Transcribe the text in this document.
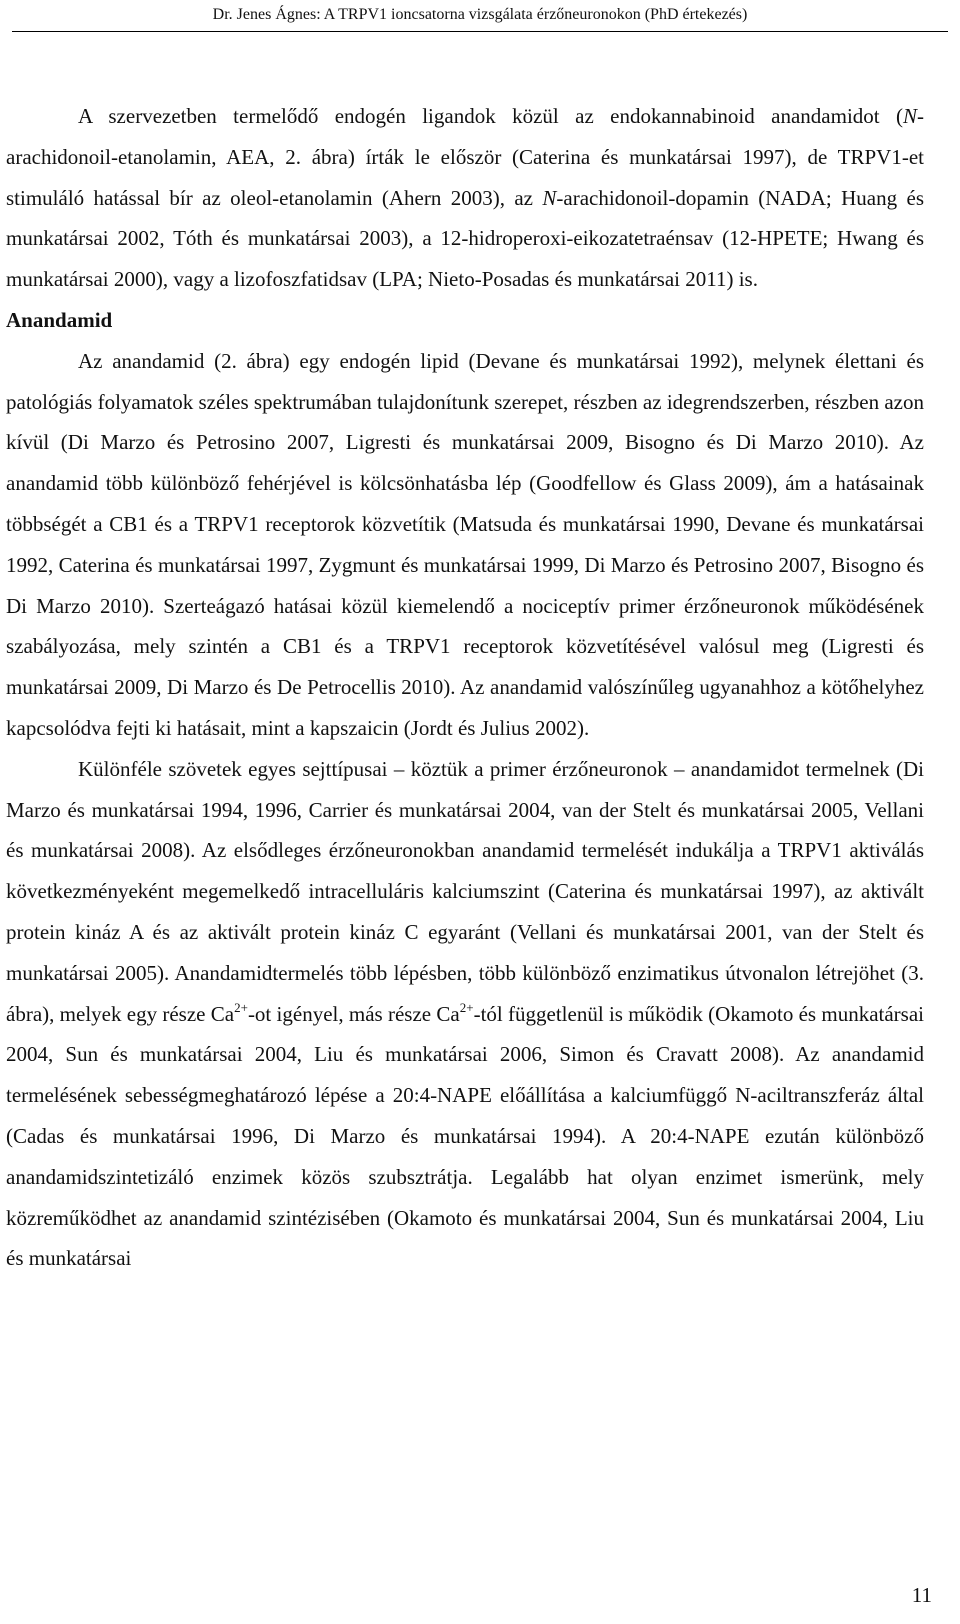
Dr. Jenes Ágnes: A TRPV1 ioncsatorna vizsgálata érzőneuronokon (PhD értekezés)

A szervezetben termelődő endogén ligandok közül az endokannabinoid anandamidot (N-arachidonoil-etanolamin, AEA, 2. ábra) írták le először (Caterina és munkatársai 1997), de TRPV1-et stimuláló hatással bír az oleol-etanolamin (Ahern 2003), az N-arachidonoil-dopamin (NADA; Huang és munkatársai 2002, Tóth és munkatársai 2003), a 12-hidroperoxi-eikozatetraénsav (12-HPETE; Hwang és munkatársai 2000), vagy a lizofoszfatidsav (LPA; Nieto-Posadas és munkatársai 2011) is.

Anandamid

Az anandamid (2. ábra) egy endogén lipid (Devane és munkatársai 1992), melynek élettani és patológiás folyamatok széles spektrumában tulajdonítunk szerepet, részben az idegrendszerben, részben azon kívül (Di Marzo és Petrosino 2007, Ligresti és munkatársai 2009, Bisogno és Di Marzo 2010). Az anandamid több különböző fehérjével is kölcsönhatásba lép (Goodfellow és Glass 2009), ám a hatásainak többségét a CB1 és a TRPV1 receptorok közvetítik (Matsuda és munkatársai 1990, Devane és munkatársai 1992, Caterina és munkatársai 1997, Zygmunt és munkatársai 1999, Di Marzo és Petrosino 2007, Bisogno és Di Marzo 2010). Szerteágazó hatásai közül kiemelendő a nociceptív primer érzőneuronok működésének szabályozása, mely szintén a CB1 és a TRPV1 receptorok közvetítésével valósul meg (Ligresti és munkatársai 2009, Di Marzo és De Petrocellis 2010). Az anandamid valószínűleg ugyanahhoz a kötőhelyhez kapcsolódva fejti ki hatásait, mint a kapszaicin (Jordt és Julius 2002).

Különféle szövetek egyes sejttípusai – köztük a primer érzőneuronok – anandamidot termelnek (Di Marzo és munkatársai 1994, 1996, Carrier és munkatársai 2004, van der Stelt és munkatársai 2005, Vellani és munkatársai 2008). Az elsődleges érzőneuronokban anandamid termelését indukálja a TRPV1 aktiválás következményeként megemelkedő intracelluláris kalciumszint (Caterina és munkatársai 1997), az aktivált protein kináz A és az aktivált protein kináz C egyaránt (Vellani és munkatársai 2001, van der Stelt és munkatársai 2005). Anandamidtermelés több lépésben, több különböző enzimatikus útvonalon létrejöhet (3. ábra), melyek egy része $Ca^{2+}-ot$ igényel, más része $Ca^{2+}$-tól függetlenül is működik (Okamoto és munkatársai 2004, Sun és munkatársai 2004, Liu és munkatársai 2006, Simon és Cravatt 2008). Az anandamid termelésének sebességmeghatározó lépése a 20:4-NAPE előállítása a kalciumfüggő N-aciltranszferáz által (Cadas és munkatársai 1996, Di Marzo és munkatársai 1994). A 20:4-NAPE ezután különböző anandamidszintetizáló enzimek közös szubsztrátja. Legalább hat olyan enzimet ismerünk, mely közreműködhet az anandamid szintézisében (Okamoto és munkatársai 2004, Sun és munkatársai 2004, Liu és munkatársai

11
